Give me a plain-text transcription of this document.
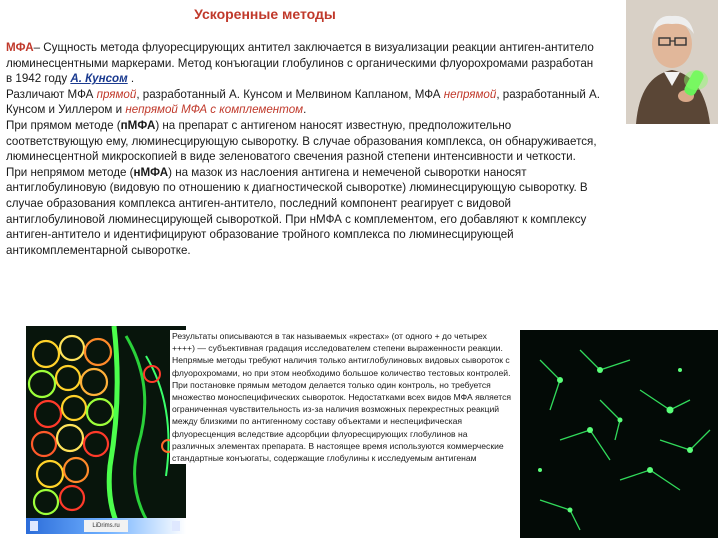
Ускоренные методы

МФА– Сущность метода флуоресцирующих антител заключается в визуализации реакции антиген-антитело люминесцентными маркерами. Метод конъюгации глобулинов с органическими флуорохромами разработан в 1942 году А. Кунсом .

Различают МФА прямой, разработанный А. Кунсом и Мелвином Капланом, МФА непрямой, разработанный А. Кунсом и Уиллером и непрямой МФА с комплементом.

При прямом методе (пМФА) на препарат с антигеном наносят известную, предположительно соответствующую ему, люминесцирующую сыворотку. В случае образования комплекса, он обнаруживается, люминесцентной микроскопией в виде зеленоватого свечения разной степени интенсивности и четкости.

При непрямом методе (нМФА) на мазок из наслоения антигена и немеченой сыворотки наносят антиглобулиновую (видовую по отношению к диагностической сыворотке) люминесцирующую сыворотку. В случае образования комплекса антиген-антитело, последний компонент реагирует с видовой антиглобулиновой люминесцирующей сывороткой. При нМФА с комплементом, его добавляют к комплексу антиген-антитело и идентифицируют образование тройного комплекса по люминесцирующей антикомплементарной сыворотке.

LiDrims.ru
Результаты описываются в так называемых «крестах» (от одного + до четырех ++++) — субъективная градация исследователем степени выраженности реакции. Непрямые методы требуют наличия только антиглобулиновых видовых сывороток с флуорохромами, но при этом необходимо большое количество тестовых контролей. При постановке прямым методом делается только один контроль, но требуется множество моноспецифических сывороток. Недостатками всех видов МФА является ограниченная чувствительность из-за наличия возможных перекрестных реакций между близкими по антигенному составу объектами и неспецифическая флуоресценция вследствие адсорбции флуоресцирующих глобулинов на различных элементах препарата. В настоящее время используются коммерческие стандартные конъюгаты, содержащие глобулины к исследуемым антигенам
